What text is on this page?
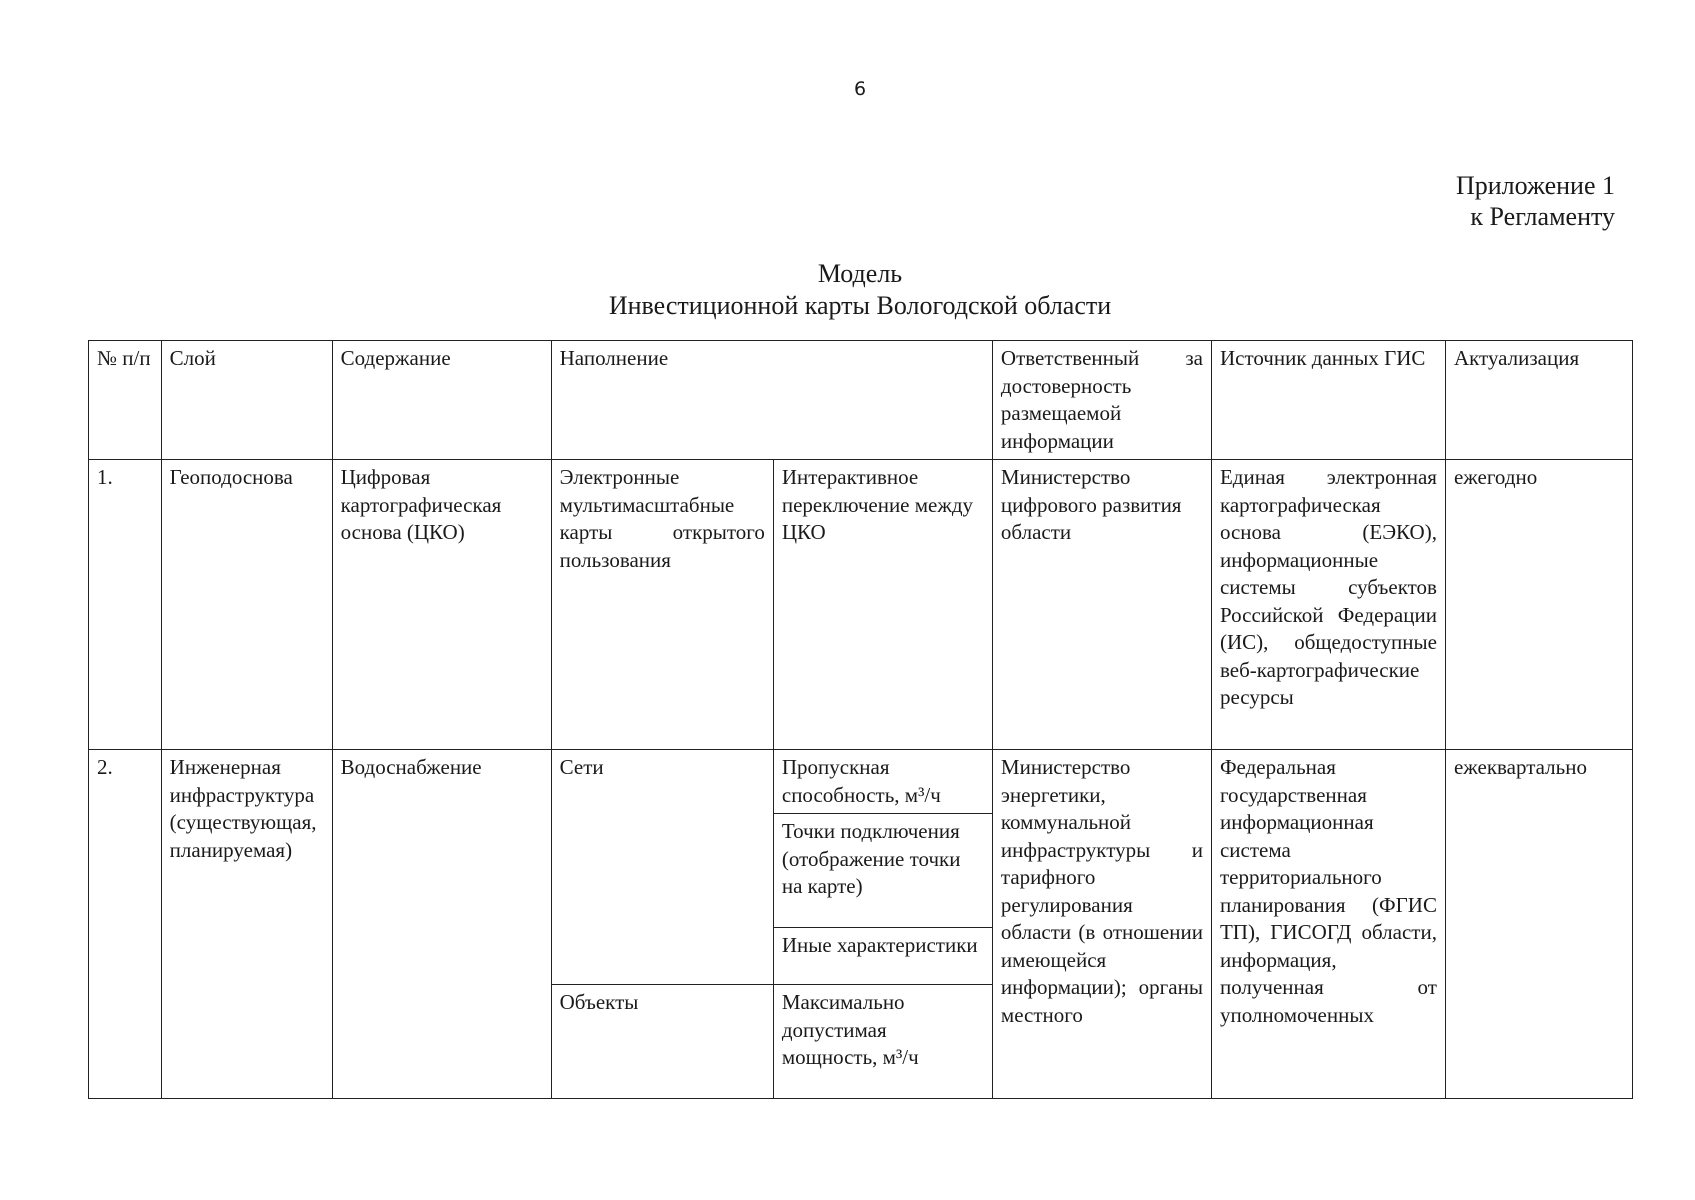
6
Приложение 1
к Регламенту
Модель
Инвестиционной карты Вологодской области
№ п/п	Слой	Содержание	Наполнение		Ответственный за достоверность размещаемой информации	Источник данных ГИС	Актуализация
1.	Геоподоснова	Цифровая картографическая основа (ЦКО)	Электронные мультимасштабные карты открытого пользования	Интерактивное переключение между ЦКО	Министерство цифрового развития области	Единая электронная картографическая основа (ЕЭКО), информационные системы субъектов Российской Федерации (ИС), общедоступные веб-картографические ресурсы	ежегодно
2.	Инженерная инфраструктура (существующая, планируемая)	Водоснабжение	Сети	Пропускная способность, м³/ч	Министерство энергетики, коммунальной инфраструктуры и тарифного регулирования области (в отношении имеющейся информации); органы местного	Федеральная государственная информационная система территориального планирования (ФГИС ТП), ГИСОГД области, информация, полученная от уполномоченных	ежеквартально
				Точки подключения (отображение точки на карте)			
				Иные характеристики			
			Объекты	Максимально допустимая мощность, м³/ч			
